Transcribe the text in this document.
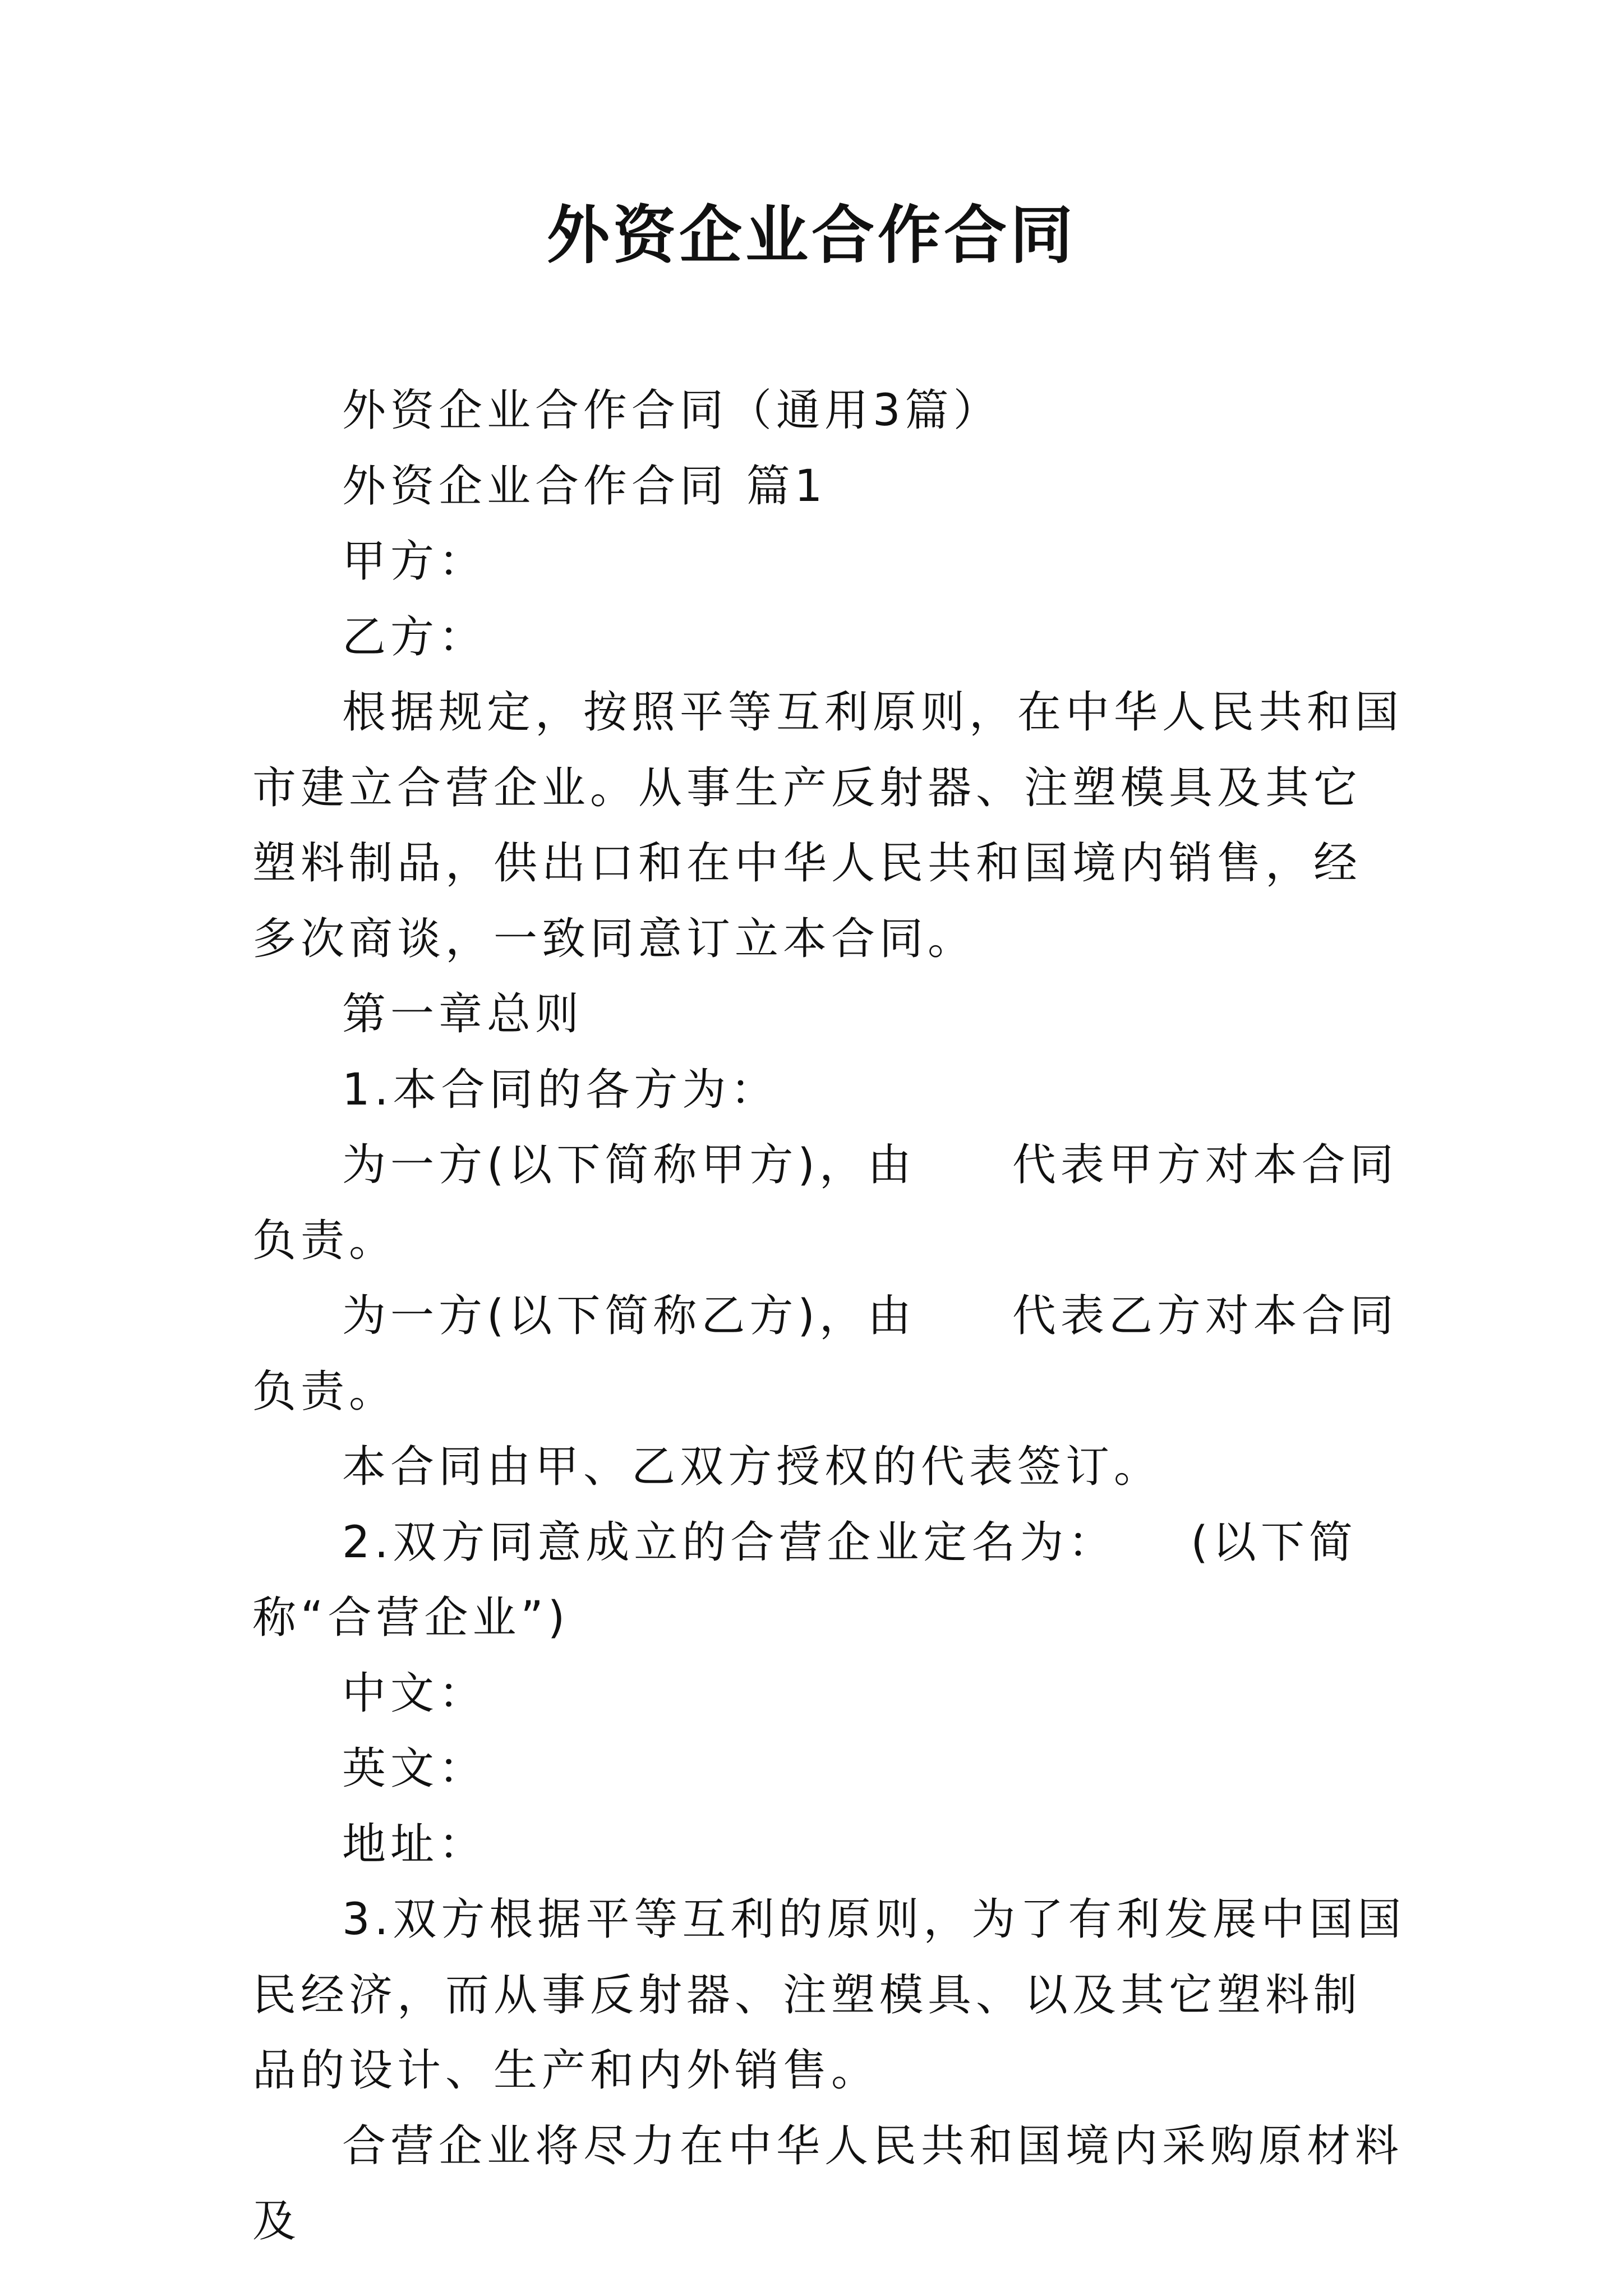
外资企业合作合同

外资企业合作合同（通用3篇）

外资企业合作合同 篇1

甲方：

乙方：

根据规定，按照平等互利原则，在中华人民共和国　　市建立合营企业。从事生产反射器、注塑模具及其它塑料制品，供出口和在中华人民共和国境内销售，经多次商谈，一致同意订立本合同。

第一章总则

1.本合同的各方为：

为一方(以下简称甲方)，由　　代表甲方对本合同负责。

为一方(以下简称乙方)，由　　代表乙方对本合同负责。

本合同由甲、乙双方授权的代表签订。

2.双方同意成立的合营企业定名为：　　(以下简称“合营企业”)

中文：

英文：

地址：

3.双方根据平等互利的原则，为了有利发展中国国民经济，而从事反射器、注塑模具、以及其它塑料制品的设计、生产和内外销售。

合营企业将尽力在中华人民共和国境内采购原材料及
